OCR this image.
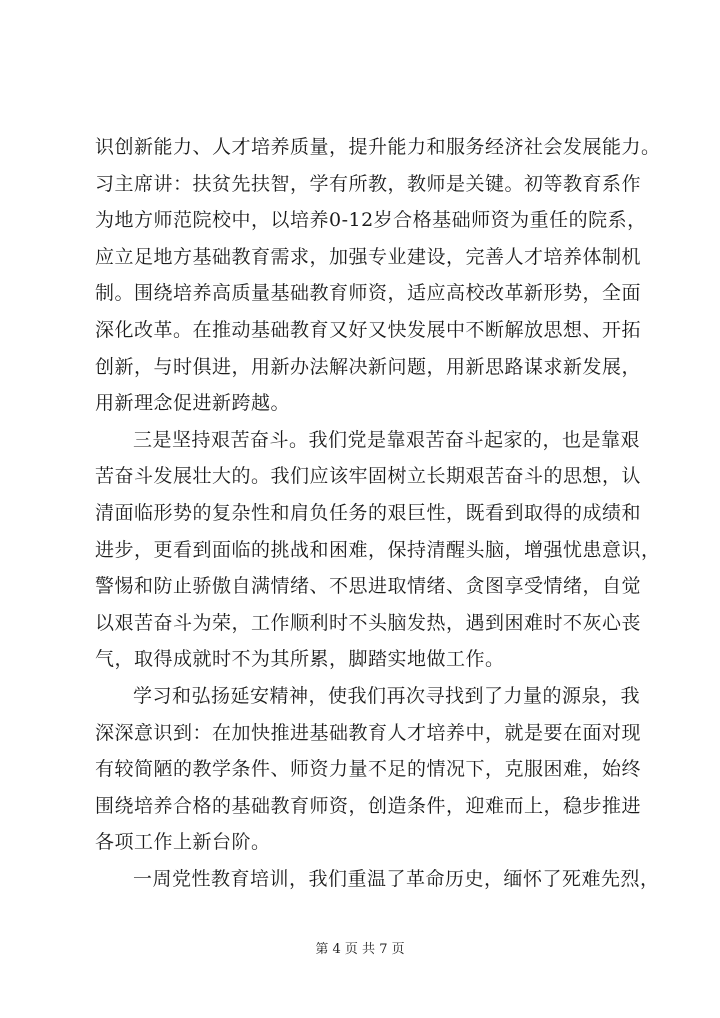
识创新能力、人才培养质量，提升能力和服务经济社会发展能力。
习主席讲：扶贫先扶智，学有所教，教师是关键。初等教育系作
为地方师范院校中，以培养0-12岁合格基础师资为重任的院系，
应立足地方基础教育需求，加强专业建设，完善人才培养体制机
制。围绕培养高质量基础教育师资，适应高校改革新形势，全面
深化改革。在推动基础教育又好又快发展中不断解放思想、开拓
创新，与时俱进，用新办法解决新问题，用新思路谋求新发展，
用新理念促进新跨越。
三是坚持艰苦奋斗。我们党是靠艰苦奋斗起家的，也是靠艰
苦奋斗发展壮大的。我们应该牢固树立长期艰苦奋斗的思想，认
清面临形势的复杂性和肩负任务的艰巨性，既看到取得的成绩和
进步，更看到面临的挑战和困难，保持清醒头脑，增强忧患意识，
警惕和防止骄傲自满情绪、不思进取情绪、贪图享受情绪，自觉
以艰苦奋斗为荣，工作顺利时不头脑发热，遇到困难时不灰心丧
气，取得成就时不为其所累，脚踏实地做工作。
学习和弘扬延安精神，使我们再次寻找到了力量的源泉，我
深深意识到：在加快推进基础教育人才培养中，就是要在面对现
有较简陋的教学条件、师资力量不足的情况下，克服困难，始终
围绕培养合格的基础教育师资，创造条件，迎难而上，稳步推进
各项工作上新台阶。
一周党性教育培训，我们重温了革命历史，缅怀了死难先烈，
第 4 页 共 7 页
